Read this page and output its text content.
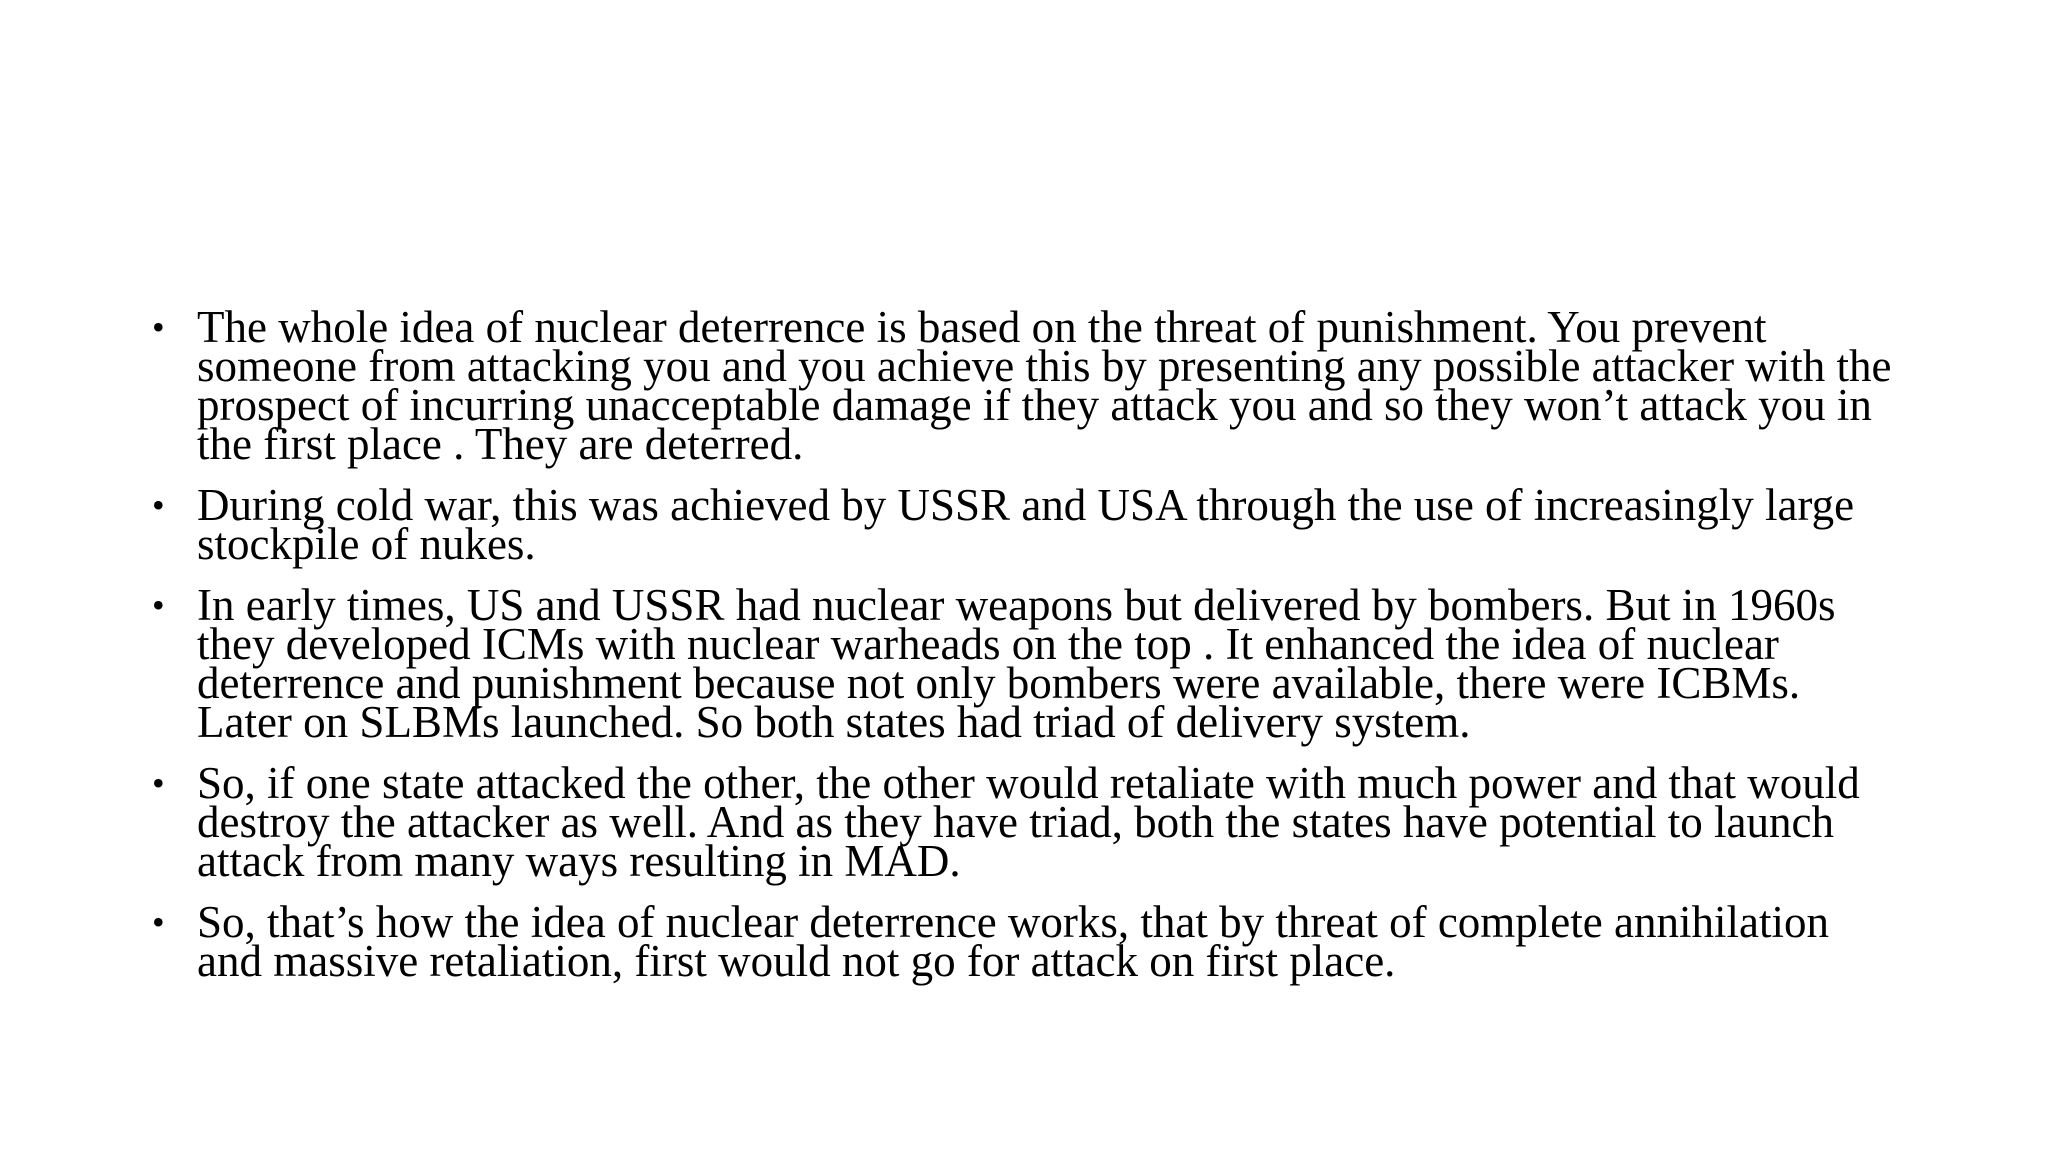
• The whole idea of nuclear deterrence is based on the threat of punishment. You prevent someone from attacking you and you achieve this by presenting any possible attacker with the prospect of incurring unacceptable damage if they attack you and so they won’t attack you in the first place . They are deterred.
• During cold war, this was achieved by USSR and USA through the use of increasingly large stockpile of nukes.
• In early times, US and USSR had nuclear weapons but delivered by bombers. But in 1960s they developed ICMs with nuclear warheads on the top . It enhanced the idea of nuclear deterrence and punishment because not only bombers were available, there were ICBMs. Later on SLBMs launched. So both states had triad of delivery system.
• So, if one state attacked the other, the other would retaliate with much power and that would destroy the attacker as well. And as they have triad, both the states have potential to launch attack from many ways resulting in MAD.
• So, that’s how the idea of nuclear deterrence works, that by threat of complete annihilation and massive retaliation, first would not go for attack on first place.
